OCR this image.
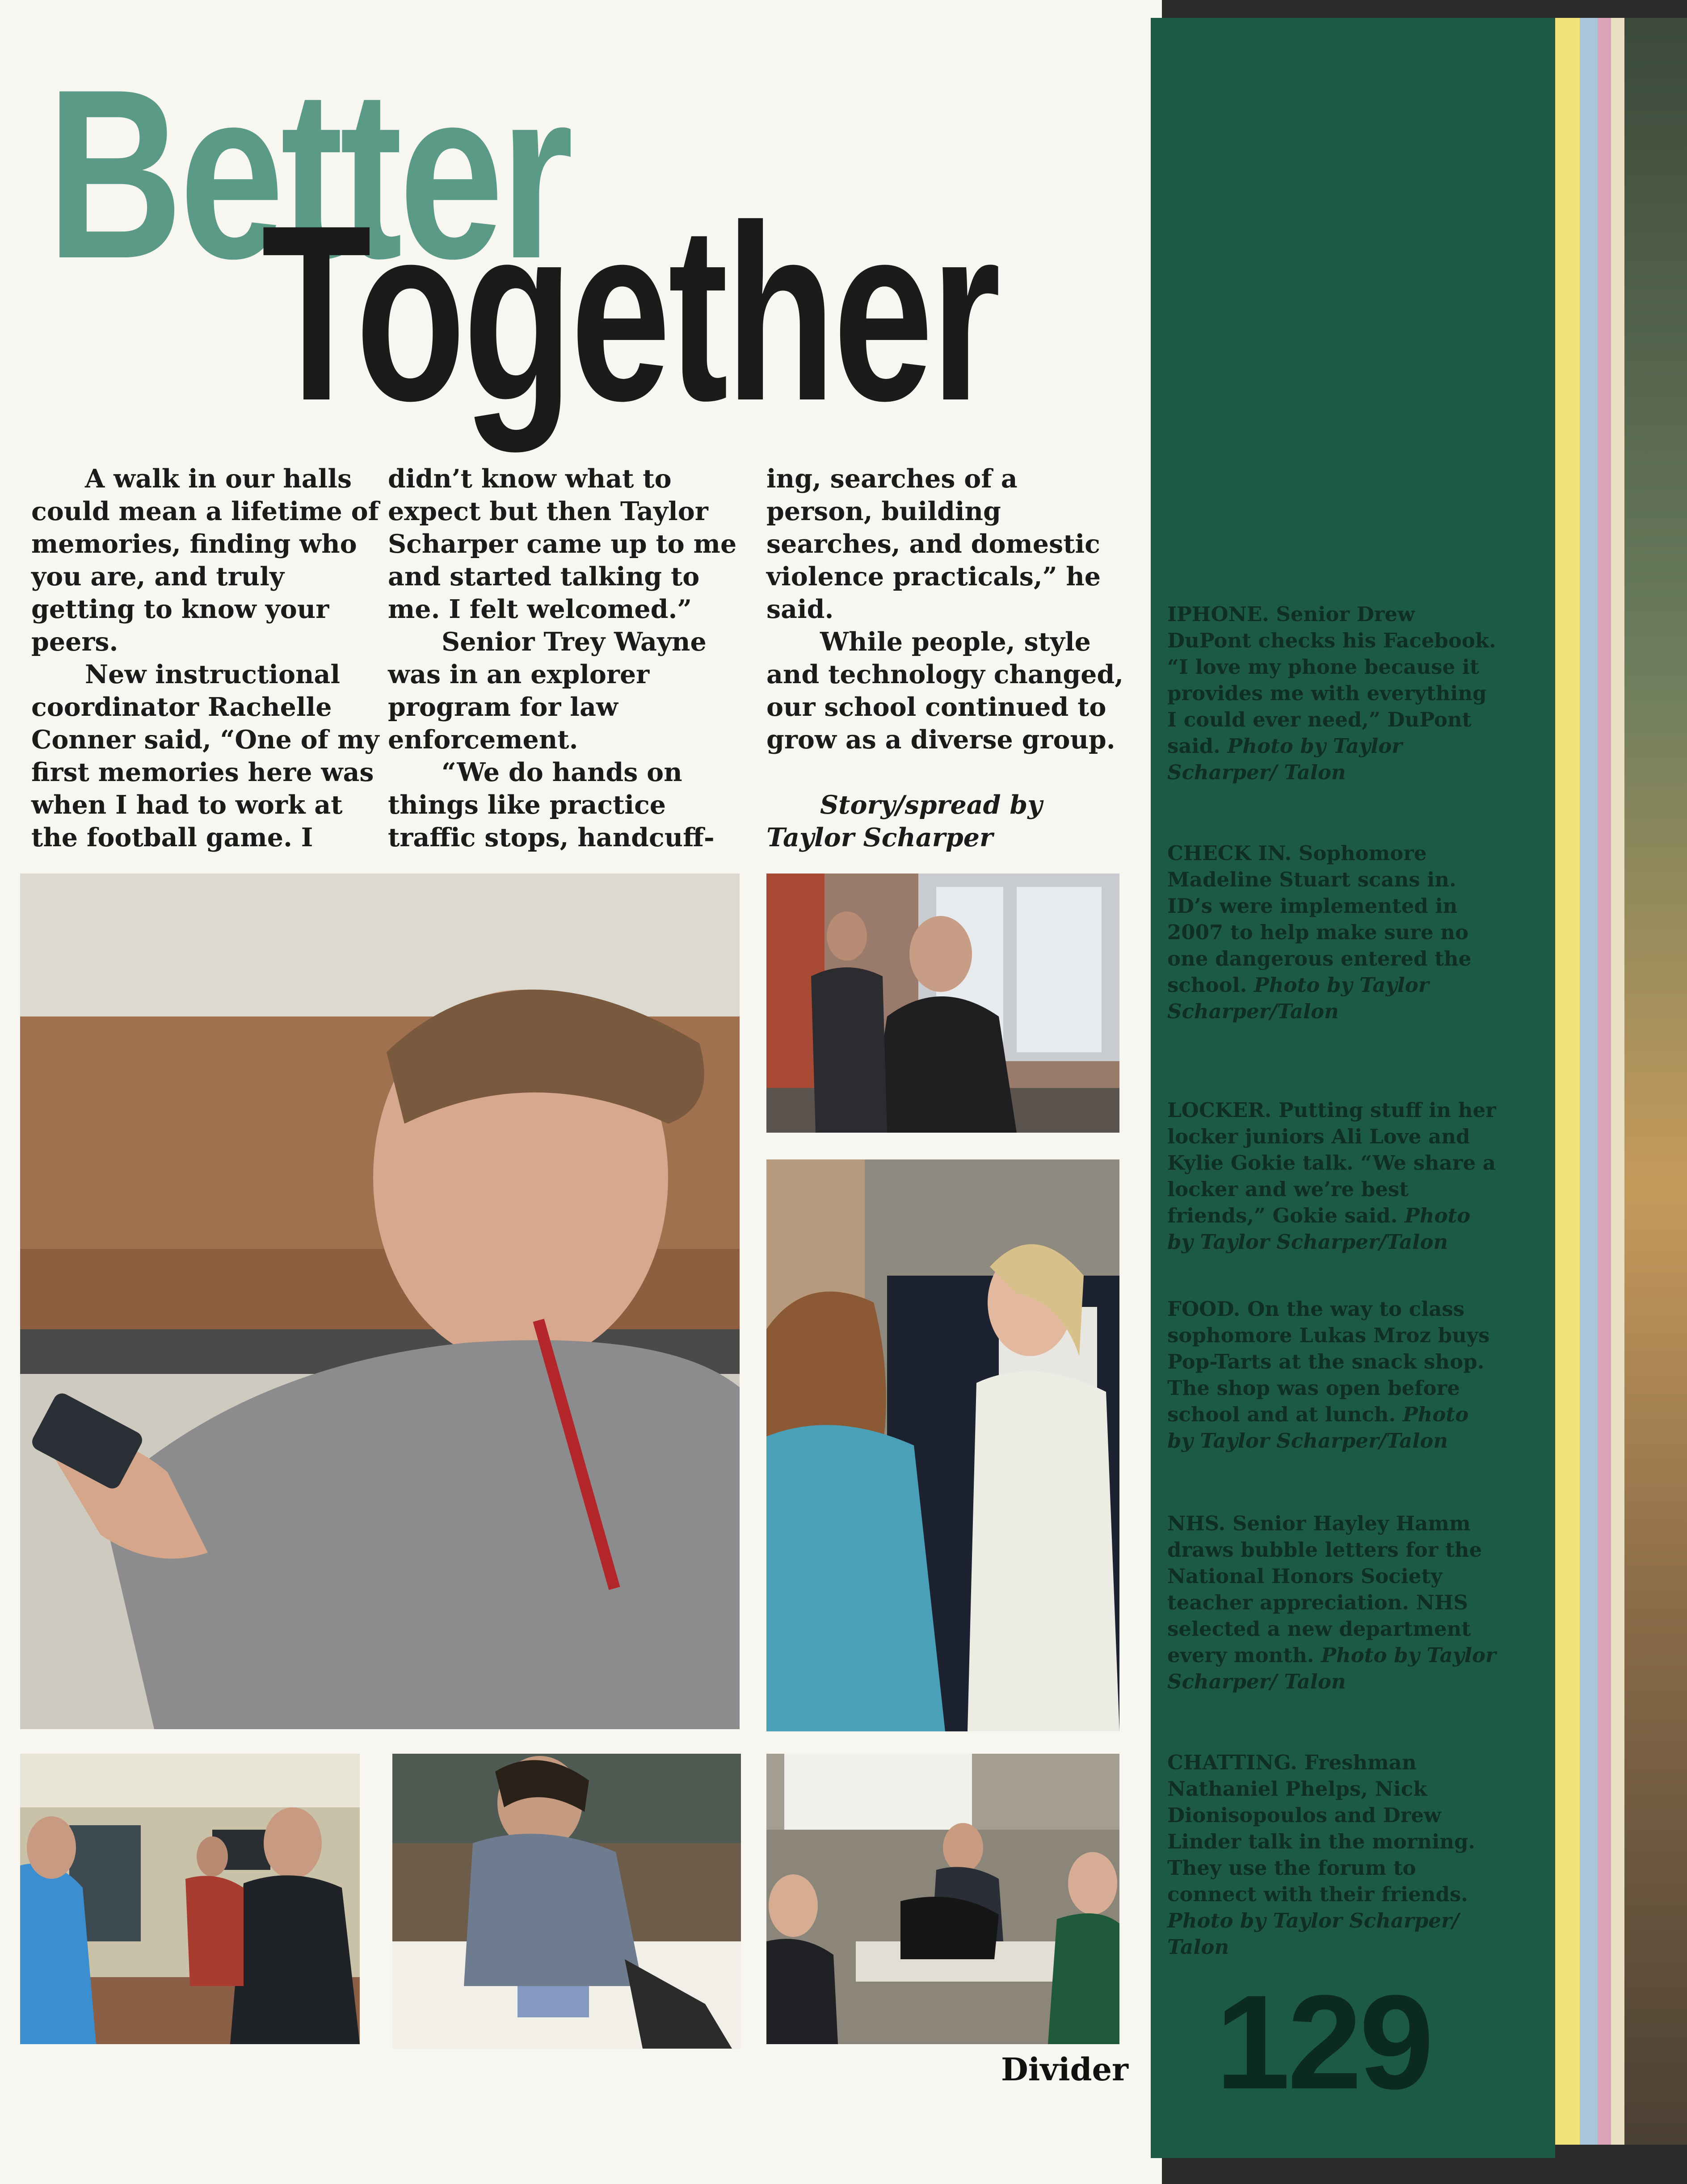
Better
Together

A walk in our halls could mean a lifetime of memories, finding who you are, and truly getting to know your peers.

New instructional coordinator Rachelle Conner said, “One of my first memories here was when I had to work at the football game. I

didn’t know what to expect but then Taylor Scharper came up to me and started talking to me. I felt welcomed.”

Senior Trey Wayne was in an explorer program for law enforcement.

“We do hands on things like practice traffic stops, handcuff-

ing, searches of a person, building searches, and domestic violence practicals,” he said.

While people, style and technology changed, our school continued to grow as a diverse group.

Story/spread by Taylor Scharper

IPHONE. Senior Drew DuPont checks his Facebook. “I love my phone because it provides me with everything I could ever need,” DuPont said. Photo by Taylor Scharper/ Talon
CHECK IN. Sophomore Madeline Stuart scans in. ID’s were implemented in 2007 to help make sure no one dangerous entered the school. Photo by Taylor Scharper/Talon
LOCKER. Putting stuff in her locker juniors Ali Love and Kylie Gokie talk. “We share a locker and we’re best friends,” Gokie said. Photo by Taylor Scharper/Talon
FOOD. On the way to class sophomore Lukas Mroz buys Pop-Tarts at the snack shop. The shop was open before school and at lunch. Photo by Taylor Scharper/Talon
NHS. Senior Hayley Hamm draws bubble letters for the National Honors Society teacher appreciation. NHS selected a new department every month. Photo by Taylor Scharper/ Talon
CHATTING. Freshman Nathaniel Phelps, Nick Dionisopoulos and Drew Linder talk in the morning. They use the forum to connect with their friends. Photo by Taylor Scharper/ Talon
129
Divider
